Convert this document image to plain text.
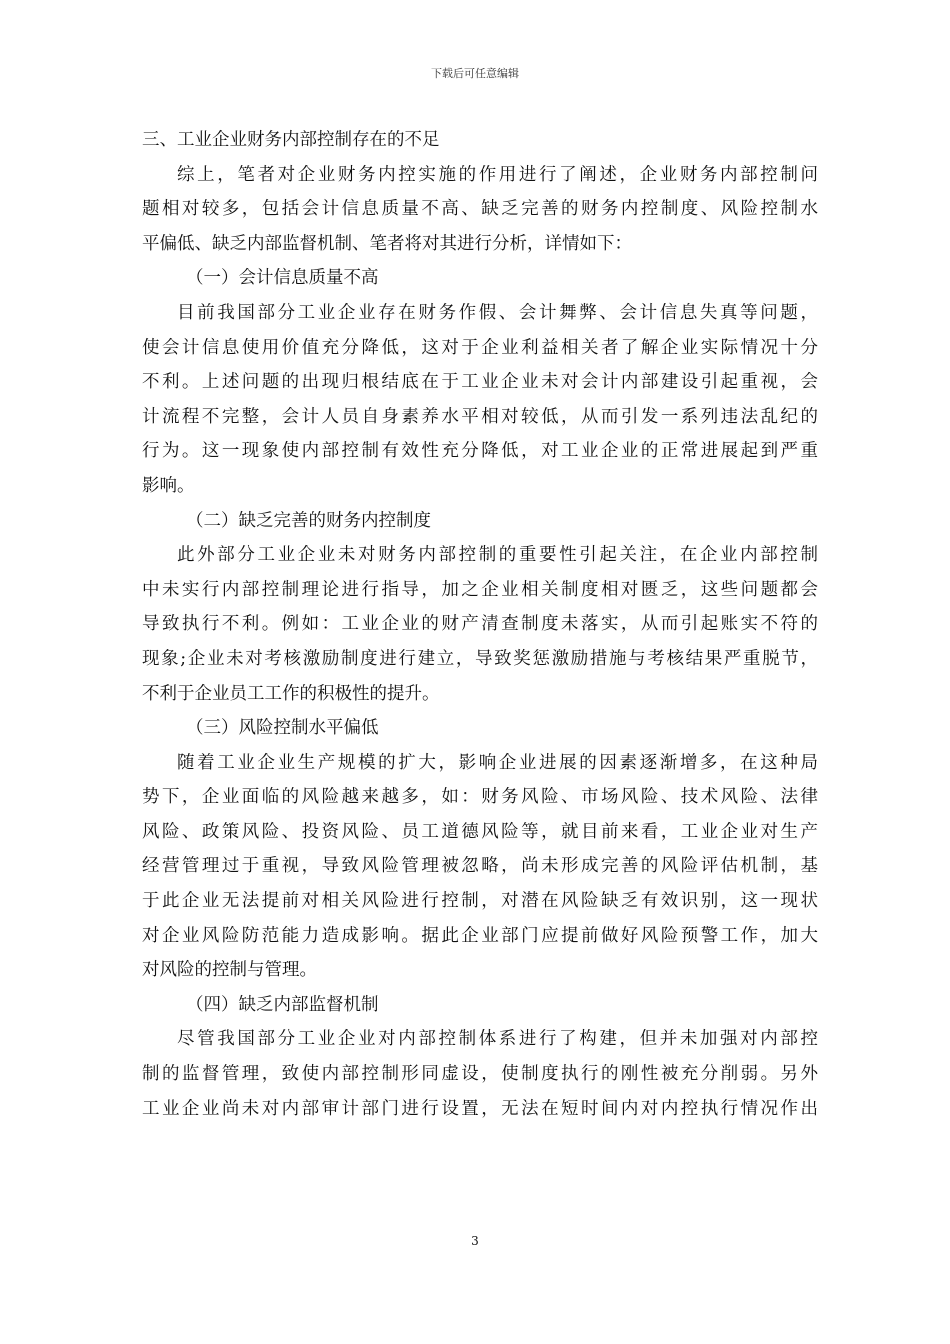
下载后可任意编辑
三、工业企业财务内部控制存在的不足
综上，笔者对企业财务内控实施的作用进行了阐述，企业财务内部控制问
题相对较多，包括会计信息质量不高、缺乏完善的财务内控制度、风险控制水
平偏低、缺乏内部监督机制、笔者将对其进行分析，详情如下：
（一）会计信息质量不高
目前我国部分工业企业存在财务作假、会计舞弊、会计信息失真等问题，
使会计信息使用价值充分降低，这对于企业利益相关者了解企业实际情况十分
不利。上述问题的出现归根结底在于工业企业未对会计内部建设引起重视，会
计流程不完整，会计人员自身素养水平相对较低，从而引发一系列违法乱纪的
行为。这一现象使内部控制有效性充分降低，对工业企业的正常进展起到严重
影响。
（二）缺乏完善的财务内控制度
此外部分工业企业未对财务内部控制的重要性引起关注，在企业内部控制
中未实行内部控制理论进行指导，加之企业相关制度相对匮乏，这些问题都会
导致执行不利。例如：工业企业的财产清查制度未落实，从而引起账实不符的
现象;企业未对考核激励制度进行建立，导致奖惩激励措施与考核结果严重脱节，
不利于企业员工工作的积极性的提升。
（三）风险控制水平偏低
随着工业企业生产规模的扩大，影响企业进展的因素逐渐增多，在这种局
势下，企业面临的风险越来越多，如：财务风险、市场风险、技术风险、法律
风险、政策风险、投资风险、员工道德风险等，就目前来看，工业企业对生产
经营管理过于重视，导致风险管理被忽略，尚未形成完善的风险评估机制，基
于此企业无法提前对相关风险进行控制，对潜在风险缺乏有效识别，这一现状
对企业风险防范能力造成影响。据此企业部门应提前做好风险预警工作，加大
对风险的控制与管理。
（四）缺乏内部监督机制
尽管我国部分工业企业对内部控制体系进行了构建，但并未加强对内部控
制的监督管理，致使内部控制形同虚设，使制度执行的刚性被充分削弱。另外
工业企业尚未对内部审计部门进行设置，无法在短时间内对内控执行情况作出
3
